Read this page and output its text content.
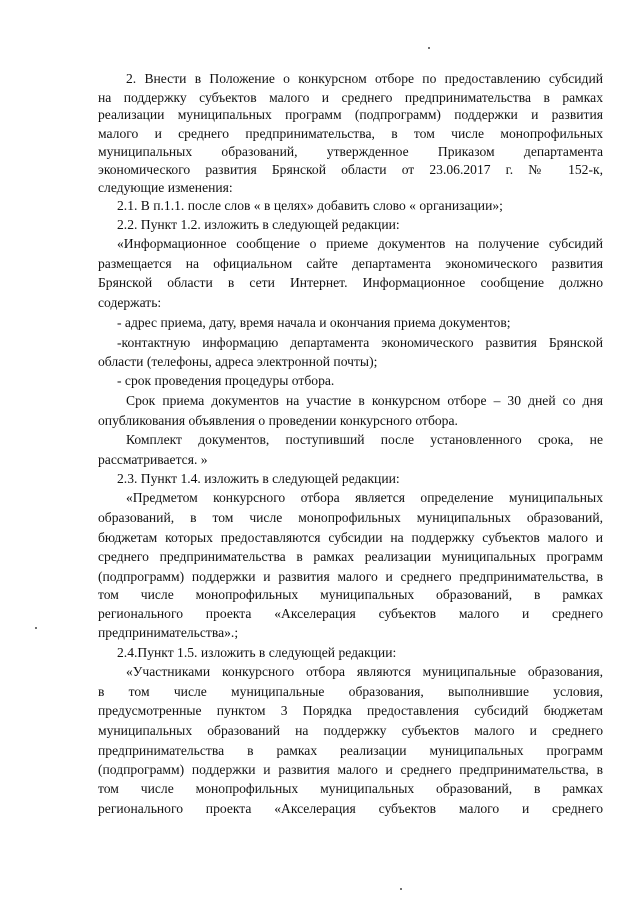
2. Внести в Положение о конкурсном отборе по предоставлению субсидий
на поддержку субъектов малого и среднего предпринимательства в рамках
реализации муниципальных программ (подпрограмм) поддержки и развития
малого и среднего предпринимательства, в том числе монопрофильных
муниципальных образований, утвержденное Приказом департамента
экономического развития Брянской области от 23.06.2017 г. № 152-к,
следующие изменения:
2.1. В п.1.1. после слов « в целях» добавить слово « организации»;
2.2. Пункт 1.2. изложить в следующей редакции:
«Информационное сообщение о приеме документов на получение субсидий
размещается на официальном сайте департамента экономического развития
Брянской области в сети Интернет. Информационное сообщение должно
содержать:
- адрес приема, дату, время начала и окончания приема документов;
-контактную информацию департамента экономического развития Брянской
области (телефоны, адреса электронной почты);
- срок проведения процедуры отбора.
Срок приема документов на участие в конкурсном отборе – 30 дней со дня
опубликования объявления о проведении конкурсного отбора.
Комплект документов, поступивший после установленного срока, не
рассматривается. »
2.3. Пункт 1.4. изложить в следующей редакции:
«Предметом конкурсного отбора является определение муниципальных
образований, в том числе монопрофильных муниципальных образований,
бюджетам которых предоставляются субсидии на поддержку субъектов малого и
среднего предпринимательства в рамках реализации муниципальных программ
(подпрограмм) поддержки и развития малого и среднего предпринимательства, в
том числе монопрофильных муниципальных образований, в рамках
регионального проекта «Акселерация субъектов малого и среднего
предпринимательства».;
2.4.Пункт 1.5. изложить в следующей редакции:
«Участниками конкурсного отбора являются муниципальные образования,
в том числе муниципальные образования, выполнившие условия,
предусмотренные пунктом 3 Порядка предоставления субсидий бюджетам
муниципальных образований на поддержку субъектов малого и среднего
предпринимательства в рамках реализации муниципальных программ
(подпрограмм) поддержки и развития малого и среднего предпринимательства, в
том числе монопрофильных муниципальных образований, в рамках
регионального проекта «Акселерация субъектов малого и среднего
